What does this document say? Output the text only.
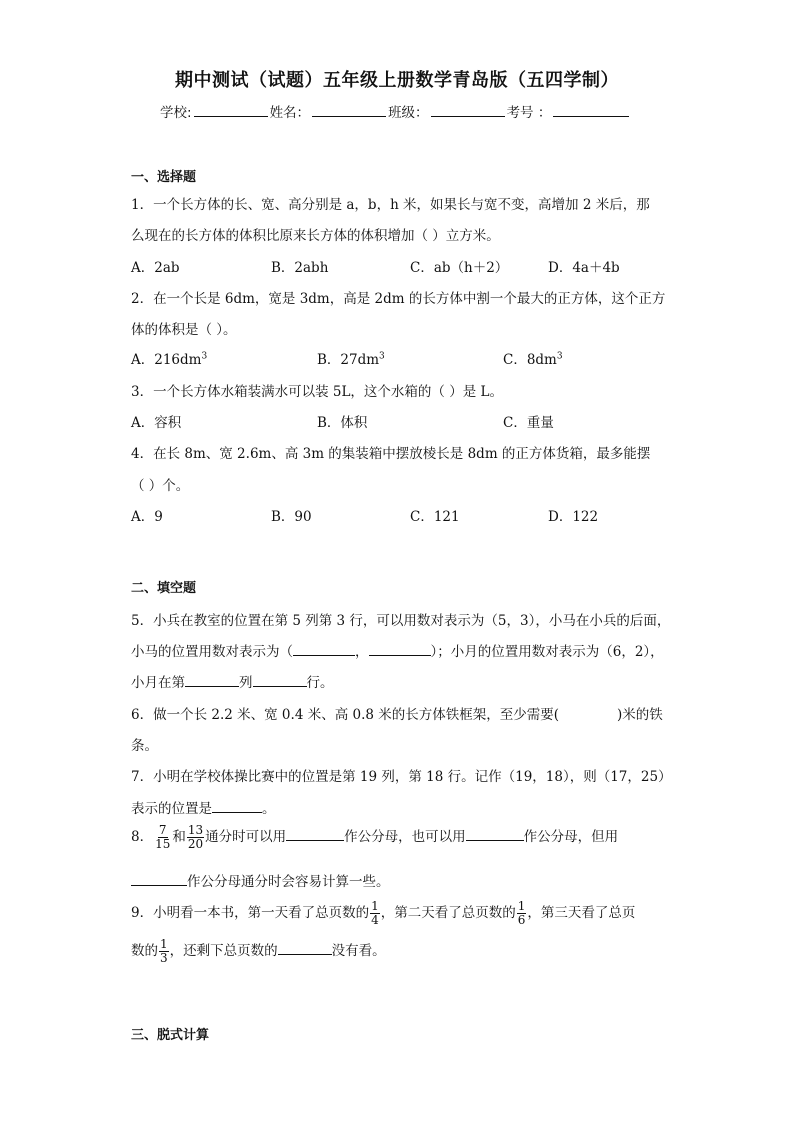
期中测试（试题）五年级上册数学青岛版（五四学制）
学校:	姓名：	班级：	考号 ：
一、选择题
1．一个长方体的长、宽、高分别是 a，b，h 米，如果长与宽不变，高增加 2 米后，那
么现在的长方体的体积比原来长方体的体积增加（ ）立方米。
A．2ab	B．2abh	C．ab（h＋2）	D．4a＋4b
2．在一个长是 6dm，宽是 3dm，高是 2dm 的长方体中割一个最大的正方体，这个正方
体的体积是（ ）。
A．$216dm^3$	B．$27dm^3$	C．$8dm^3$
3．一个长方体水箱装满水可以装 5L，这个水箱的（ ）是 L。
A．容积	B．体积	C．重量
4．在长 8m、宽 2.6m、高 3m 的集装箱中摆放棱长是 8dm 的正方体货箱，最多能摆
（ ）个。
A．9	B．90	C．121	D．122
二、填空题
5．小兵在教室的位置在第 5 列第 3 行，可以用数对表示为（5，3），小马在小兵的后面，
小马的位置用数对表示为（	，	）；小月的位置用数对表示为（6，2），
小月在第	列	行。
6．做一个长 2.2 米、宽 0.4 米、高 0.8 米的长方体铁框架，至少需要(	)米的铁
条。
7．小明在学校体操比赛中的位置是第 19 列，第 18 行。记作（19，18），则（17，25）
表示的位置是	。
8． $\frac{7}{15}$ 和 $\frac{13}{20}$ 通分时可以用	作公分母，也可以用	作公分母，但用
作公分母通分时会容易计算一些。
9．小明看一本书，第一天看了总页数的 $\frac{1}{4}$ ，第二天看了总页数的 $\frac{1}{6}$ ，第三天看了总页
数的 $\frac{1}{3}$ ，还剩下总页数的	没有看。
三、脱式计算
